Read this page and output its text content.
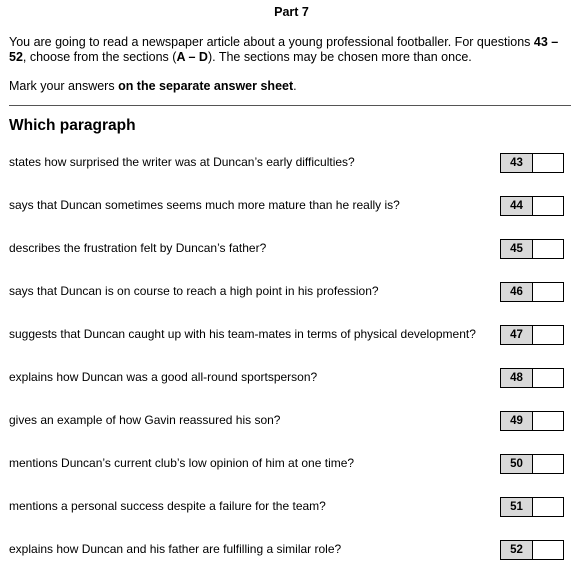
Part 7

You are going to read a newspaper article about a young professional footballer. For questions 43 – 52, choose from the sections (A – D). The sections may be chosen more than once.

Mark your answers on the separate answer sheet.

Which paragraph
states how surprised the writer was at Duncan’s early difficulties?	43
says that Duncan sometimes seems much more mature than he really is?	44
describes the frustration felt by Duncan’s father?	45
says that Duncan is on course to reach a high point in his profession?	46
suggests that Duncan caught up with his team-mates in terms of physical development?	47
explains how Duncan was a good all-round sportsperson?	48
gives an example of how Gavin reassured his son?	49
mentions Duncan’s current club’s low opinion of him at one time?	50
mentions a personal success despite a failure for the team?	51
explains how Duncan and his father are fulfilling a similar role?	52
